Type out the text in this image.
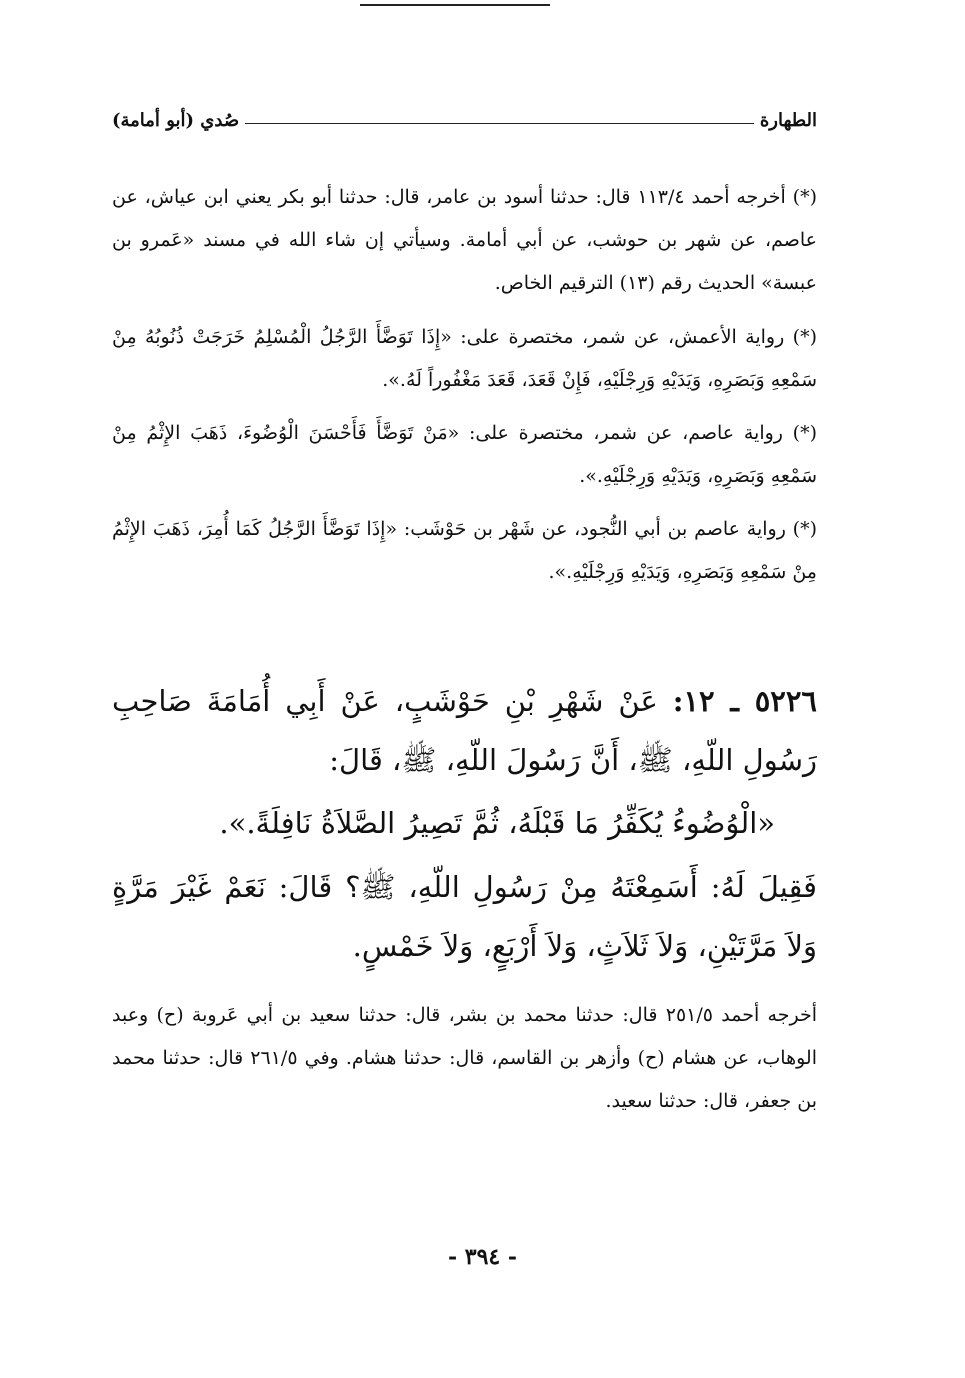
الطهارة
صُدي (أبو أمامة)
(*) أخرجه أحمد ١١٣/٤ قال: حدثنا أسود بن عامر، قال: حدثنا أبو بكر يعني ابن عياش، عن عاصم، عن شهر بن حوشب، عن أبي أمامة. وسيأتي إن شاء الله في مسند «عَمرو بن عبسة» الحديث رقم (١٣) الترقيم الخاص.
(*) رواية الأعمش، عن شمر، مختصرة على: «إِذَا تَوَضَّأَ الرَّجُلُ الْمُسْلِمُ خَرَجَتْ ذُنُوبُهُ مِنْ سَمْعِهِ وَبَصَرِهِ، وَيَدَيْهِ وَرِجْلَيْهِ، فَإِنْ قَعَدَ، قَعَدَ مَغْفُوراً لَهُ.».
(*) رواية عاصم، عن شمر، مختصرة على: «مَنْ تَوَضَّأَ فَأَحْسَنَ الْوُضُوءَ، ذَهَبَ الإِثْمُ مِنْ سَمْعِهِ وَبَصَرِهِ، وَيَدَيْهِ وَرِجْلَيْهِ.».
(*) رواية عاصم بن أبي النُّجود، عن شَهْر بن حَوْشَب: «إِذَا تَوَضَّأَ الرَّجُلُ كَمَا أُمِرَ، ذَهَبَ الإِثْمُ مِنْ سَمْعِهِ وَبَصَرِهِ، وَيَدَيْهِ وَرِجْلَيْهِ.».
٥٢٢٦ ـ ١٢: عَنْ شَهْرِ بْنِ حَوْشَبٍ، عَنْ أَبِي أُمَامَةَ صَاحِبِ رَسُولِ اللّهِ، ﷺ، أَنَّ رَسُولَ اللّهِ، ﷺ، قَالَ:
«الْوُضُوءُ يُكَفِّرُ مَا قَبْلَهُ، ثُمَّ تَصِيرُ الصَّلاَةُ نَافِلَةً.».
فَقِيلَ لَهُ: أَسَمِعْتَهُ مِنْ رَسُولِ اللّهِ، ﷺ؟ قَالَ: نَعَمْ غَيْرَ مَرَّةٍ وَلاَ مَرَّتَيْنِ، وَلاَ ثَلاَثٍ، وَلاَ أَرْبَعٍ، وَلاَ خَمْسٍ.
أخرجه أحمد ٢٥١/٥ قال: حدثنا محمد بن بشر، قال: حدثنا سعيد بن أبي عَروبة (ح) وعبد الوهاب، عن هشام (ح) وأزهر بن القاسم، قال: حدثنا هشام. وفي ٢٦١/٥ قال: حدثنا محمد بن جعفر، قال: حدثنا سعيد.
- ٣٩٤ -
